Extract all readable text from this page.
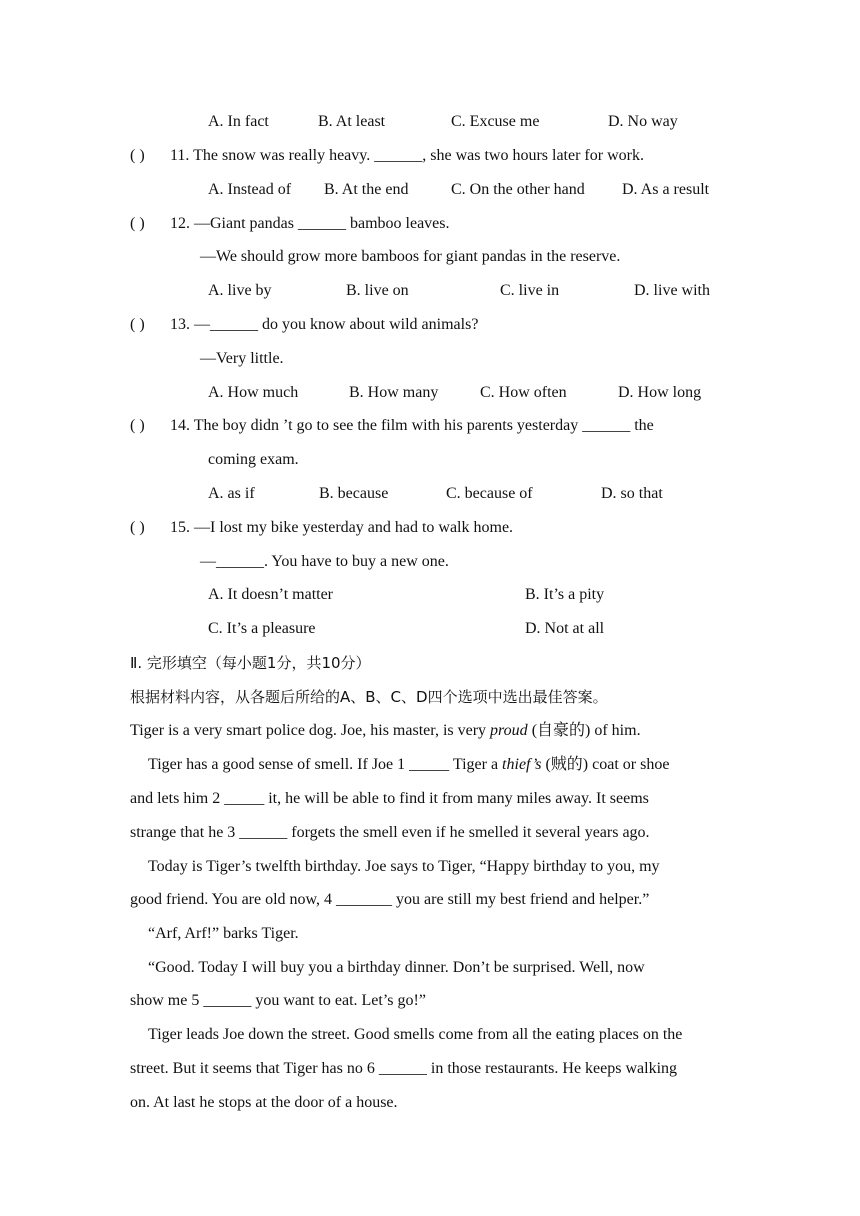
A. In fact	B. At least	C. Excuse me	D. No way
( ) 11. The snow was really heavy. ______, she was two hours later for work.
A. Instead of B. At the end	C. On the other hand D. As a result
( ) 12. —Giant pandas ______ bamboo leaves.
—We should grow more bamboos for giant pandas in the reserve.
A. live by	B. live on	C. live in	D. live with
( ) 13. —______ do you know about wild animals?
—Very little.
A. How much	B. How many	C. How often	D. How long
( ) 14. The boy didn ’t go to see the film with his parents yesterday ______ the
coming exam.
A. as if	B. because	C. because of	D. so that
( ) 15. —I lost my bike yesterday and had to walk home.
—______. You have to buy a new one.
A. It doesn’t matter	B. It’s a pity
C. It’s a pleasure	D. Not at all
Ⅱ. 完形填空（每小题1分，共10分）
根据材料内容，从各题后所给的A、B、C、D四个选项中选出最佳答案。
Tiger is a very smart police dog. Joe, his master, is very proud (自豪的) of him.
Tiger has a good sense of smell. If Joe 1 _____ Tiger a thief’s (贼的) coat or shoe
and lets him 2 _____ it, he will be able to find it from many miles away. It seems
strange that he 3 ______ forgets the smell even if he smelled it several years ago.
Today is Tiger’s twelfth birthday. Joe says to Tiger, “Happy birthday to you, my
good friend. You are old now, 4 _______ you are still my best friend and helper.”
“Arf, Arf!” barks Tiger.
“Good. Today I will buy you a birthday dinner. Don’t be surprised. Well, now
show me 5 ______ you want to eat. Let’s go!”
Tiger leads Joe down the street. Good smells come from all the eating places on the
street. But it seems that Tiger has no 6 ______ in those restaurants. He keeps walking
on. At last he stops at the door of a house.
